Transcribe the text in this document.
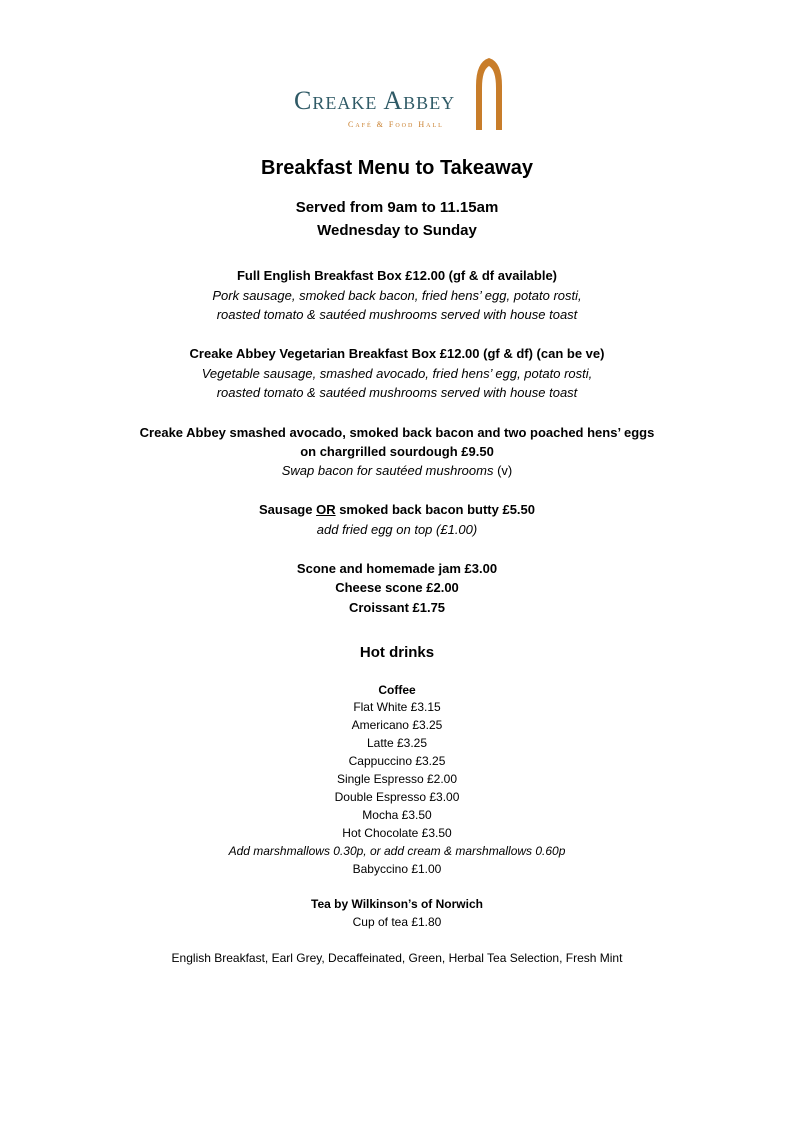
Creake Abbey
Café & Food Hall
Breakfast Menu to Takeaway
Served from 9am to 11.15am
Wednesday to Sunday
Full English Breakfast Box £12.00 (gf & df available)
Pork sausage, smoked back bacon, fried hens’ egg, potato rosti,
roasted tomato & sautéed mushrooms served with house toast
Creake Abbey Vegetarian Breakfast Box £12.00 (gf & df) (can be ve)
Vegetable sausage, smashed avocado, fried hens’ egg, potato rosti,
roasted tomato & sautéed mushrooms served with house toast
Creake Abbey smashed avocado, smoked back bacon and two poached hens’ eggs
on chargrilled sourdough £9.50
Swap bacon for sautéed mushrooms (v)
Sausage OR smoked back bacon butty £5.50
add fried egg on top (£1.00)
Scone and homemade jam £3.00
Cheese scone £2.00
Croissant £1.75
Hot drinks
Coffee
Flat White £3.15
Americano £3.25
Latte £3.25
Cappuccino £3.25
Single Espresso £2.00
Double Espresso £3.00
Mocha £3.50
Hot Chocolate £3.50
Add marshmallows 0.30p, or add cream & marshmallows 0.60p
Babyccino £1.00
Tea by Wilkinson’s of Norwich
Cup of tea £1.80
English Breakfast, Earl Grey, Decaffeinated, Green, Herbal Tea Selection, Fresh Mint
